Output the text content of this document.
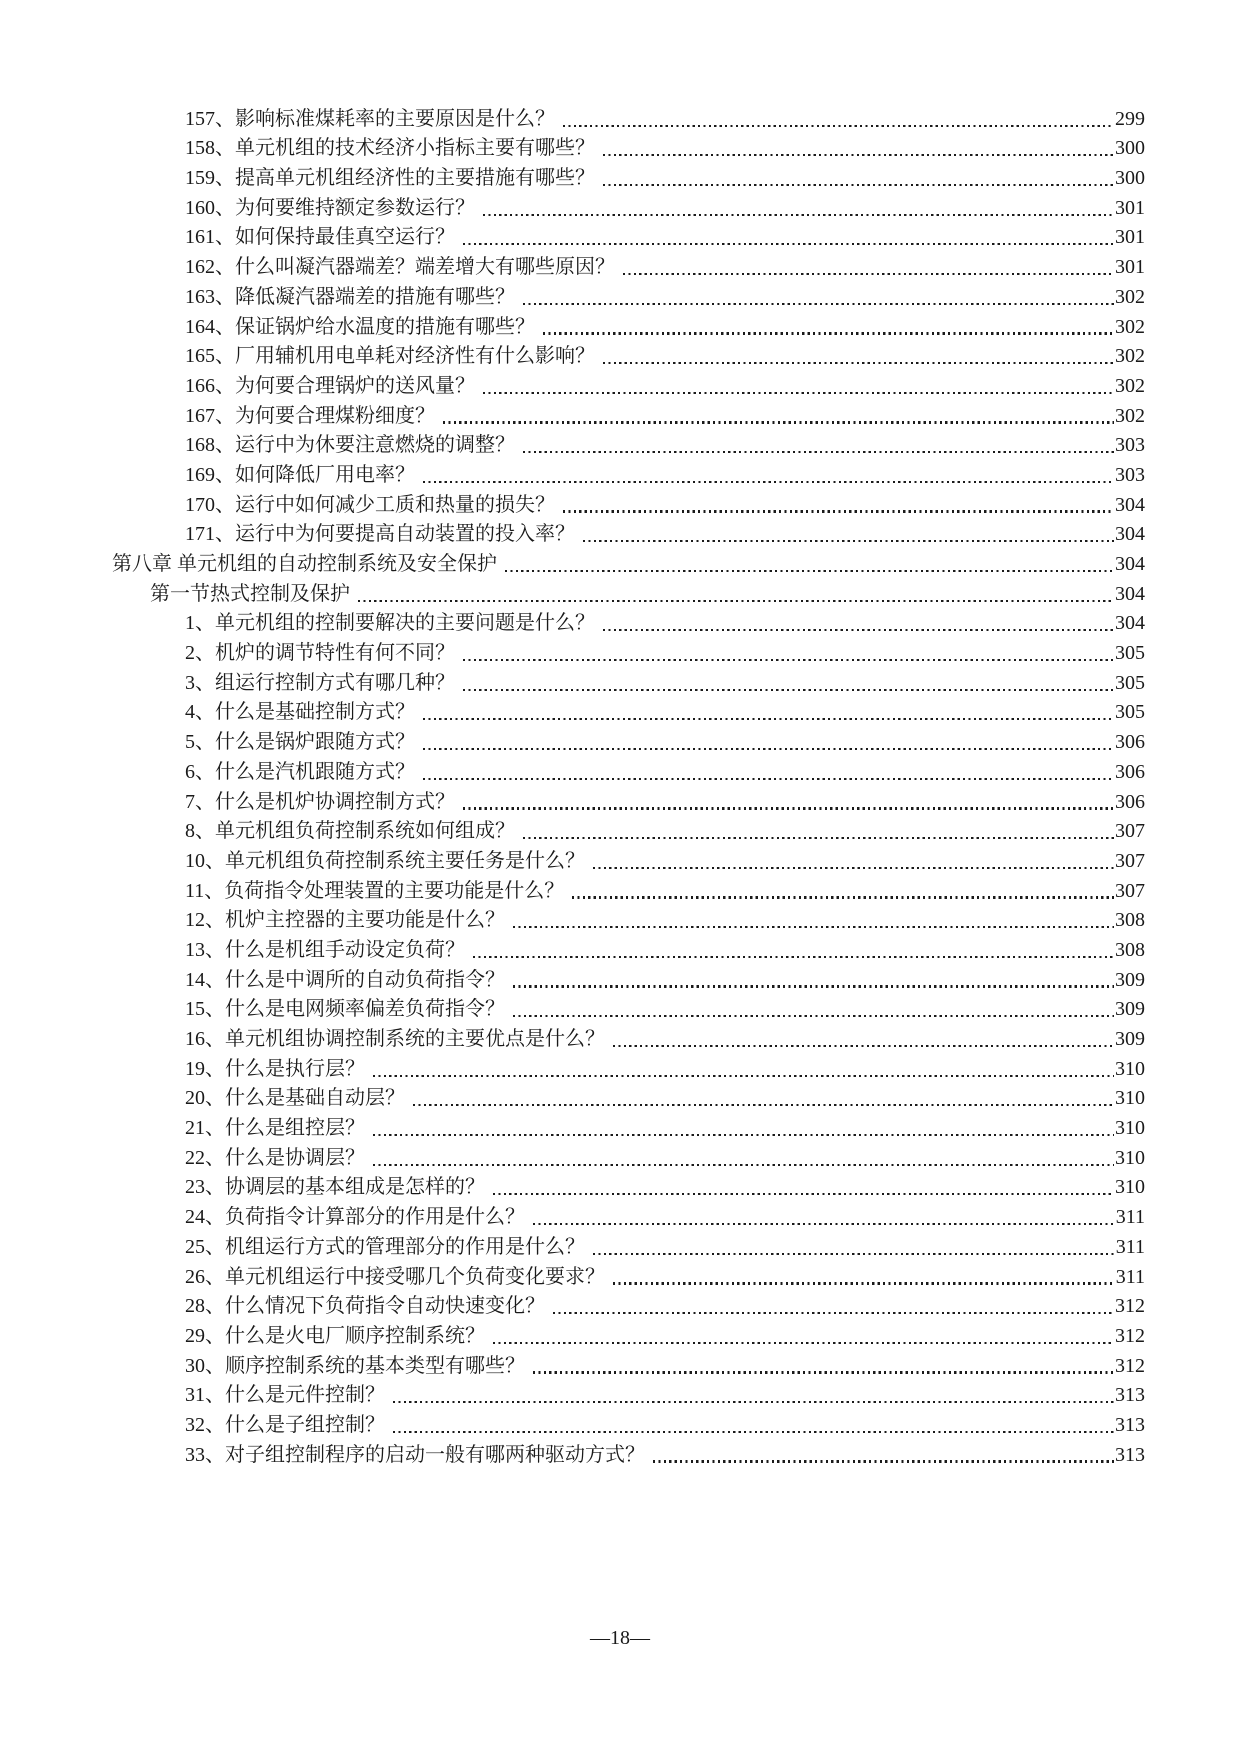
157、影响标准煤耗率的主要原因是什么？	299
158、单元机组的技术经济小指标主要有哪些？	300
159、提高单元机组经济性的主要措施有哪些？	300
160、为何要维持额定参数运行？	301
161、如何保持最佳真空运行？	301
162、什么叫凝汽器端差？端差增大有哪些原因？	301
163、降低凝汽器端差的措施有哪些？	302
164、保证锅炉给水温度的措施有哪些？	302
165、厂用辅机用电单耗对经济性有什么影响？	302
166、为何要合理锅炉的送风量？	302
167、为何要合理煤粉细度？	302
168、运行中为休要注意燃烧的调整？	303
169、如何降低厂用电率？	303
170、运行中如何减少工质和热量的损失？	304
171、运行中为何要提高自动装置的投入率？	304
第八章 单元机组的自动控制系统及安全保护	304
第一节热式控制及保护	304
1、单元机组的控制要解决的主要问题是什么？	304
2、机炉的调节特性有何不同？	305
3、组运行控制方式有哪几种？	305
4、什么是基础控制方式？	305
5、什么是锅炉跟随方式？	306
6、什么是汽机跟随方式？	306
7、什么是机炉协调控制方式？	306
8、单元机组负荷控制系统如何组成？	307
10、单元机组负荷控制系统主要任务是什么？	307
11、负荷指令处理装置的主要功能是什么？	307
12、机炉主控器的主要功能是什么？	308
13、什么是机组手动设定负荷？	308
14、什么是中调所的自动负荷指令？	309
15、什么是电网频率偏差负荷指令？	309
16、单元机组协调控制系统的主要优点是什么？	309
19、什么是执行层？	310
20、什么是基础自动层？	310
21、什么是组控层？	310
22、什么是协调层？	310
23、协调层的基本组成是怎样的？	310
24、负荷指令计算部分的作用是什么？	311
25、机组运行方式的管理部分的作用是什么？	311
26、单元机组运行中接受哪几个负荷变化要求？	311
28、什么情况下负荷指令自动快速变化？	312
29、什么是火电厂顺序控制系统？	312
30、顺序控制系统的基本类型有哪些？	312
31、什么是元件控制？	313
32、什么是子组控制？	313
33、对子组控制程序的启动一般有哪两种驱动方式？	313
—18—
